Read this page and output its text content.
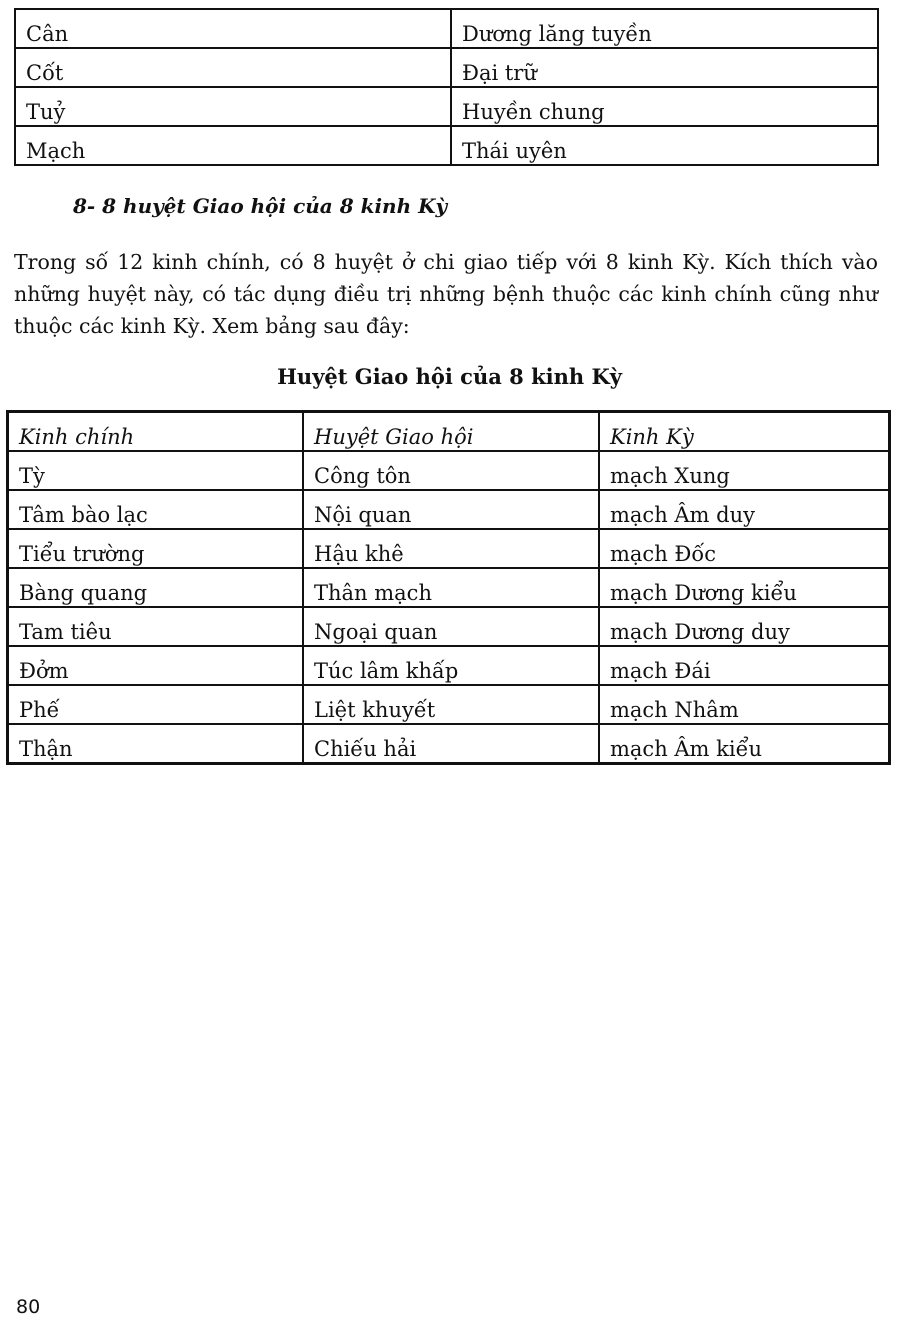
Cân	Dương lăng tuyền
Cốt	Đại trữ
Tuỷ	Huyền chung
Mạch	Thái uyên
8- 8 huyệt Giao hội của 8 kinh Kỳ
Trong số 12 kinh chính, có 8 huyệt ở chi giao tiếp với 8 kinh Kỳ. Kích thích vào những huyệt này, có tác dụng điều trị những bệnh thuộc các kinh chính cũng như thuộc các kinh Kỳ. Xem bảng sau đây:
Huyệt Giao hội của 8 kinh Kỳ
Kinh chính	Huyệt Giao hội	Kinh Kỳ
Tỳ	Công tôn	mạch Xung
Tâm bào lạc	Nội quan	mạch Âm duy
Tiểu trường	Hậu khê	mạch Đốc
Bàng quang	Thân mạch	mạch Dương kiểu
Tam tiêu	Ngoại quan	mạch Dương duy
Đởm	Túc lâm khấp	mạch Đái
Phế	Liệt khuyết	mạch Nhâm
Thận	Chiếu hải	mạch Âm kiểu
80
